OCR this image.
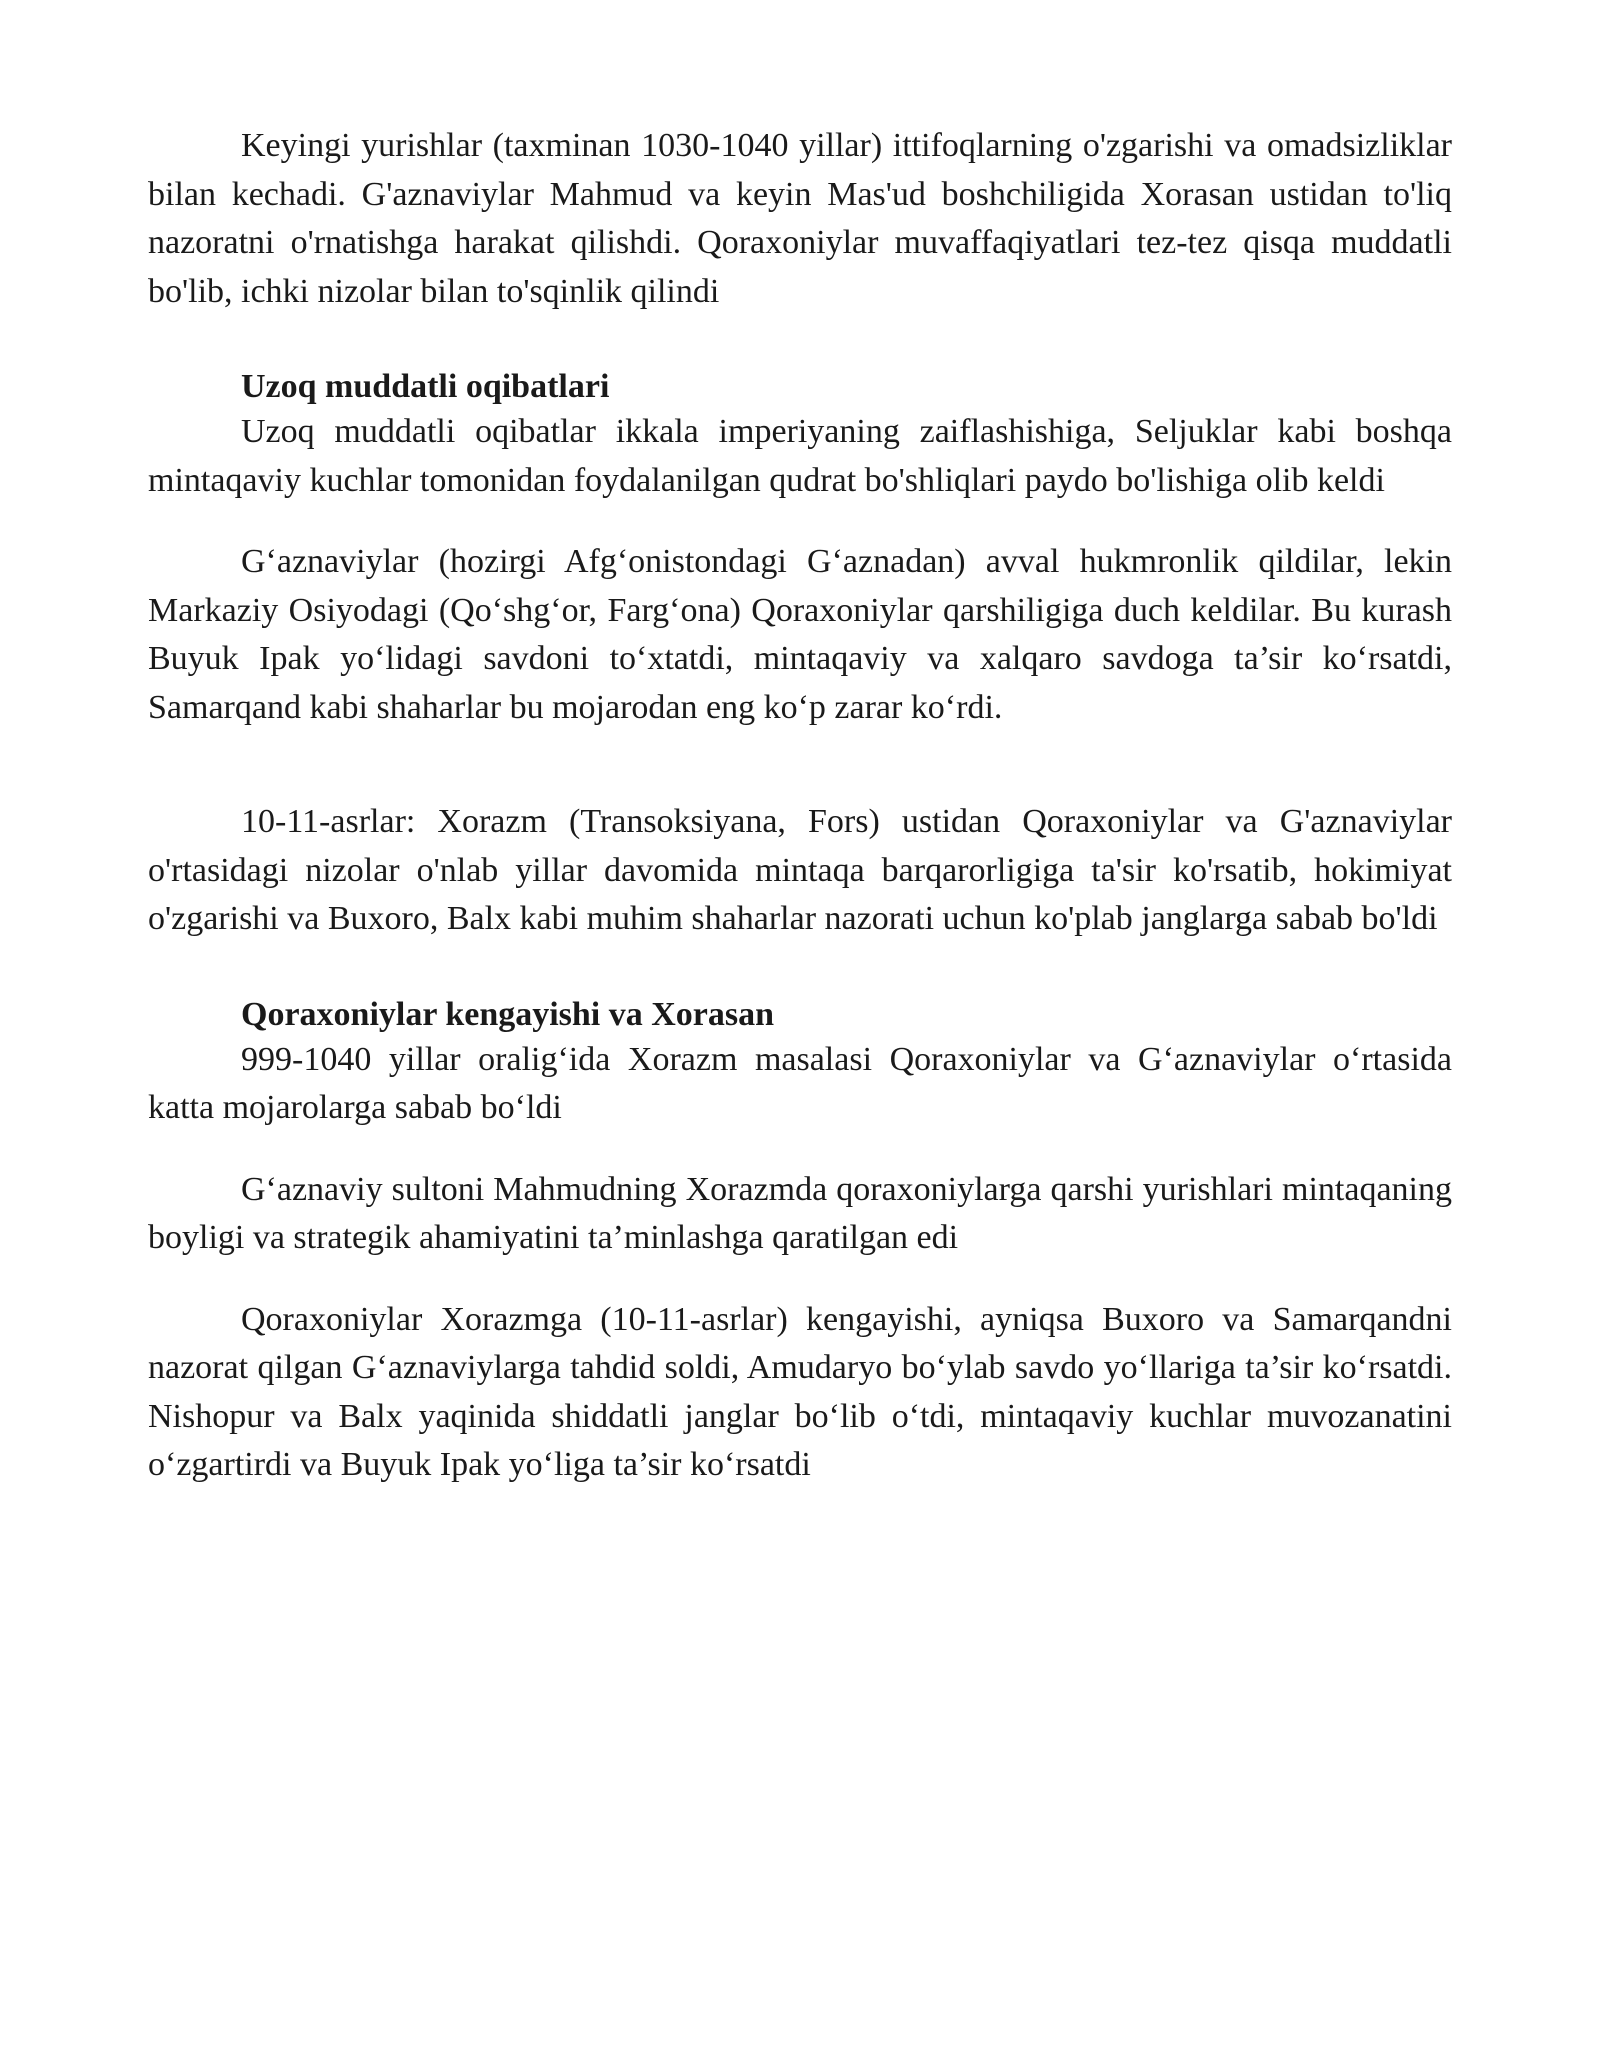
Keyingi yurishlar (taxminan 1030-1040 yillar) ittifoqlarning o'zgarishi va omadsizliklar bilan kechadi. G'aznaviylar Mahmud va keyin Mas'ud boshchiligida Xorasan ustidan to'liq nazoratni o'rnatishga harakat qilishdi. Qoraxoniylar muvaffaqiyatlari tez-tez qisqa muddatli bo'lib, ichki nizolar bilan to'sqinlik qilindi

Uzoq muddatli oqibatlari

Uzoq muddatli oqibatlar ikkala imperiyaning zaiflashishiga, Seljuklar kabi boshqa mintaqaviy kuchlar tomonidan foydalanilgan qudrat bo'shliqlari paydo bo'lishiga olib keldi

G‘aznaviylar (hozirgi Afg‘onistondagi G‘aznadan) avval hukmronlik qildilar, lekin Markaziy Osiyodagi (Qo‘shg‘or, Farg‘ona) Qoraxoniylar qarshiligiga duch keldilar. Bu kurash Buyuk Ipak yo‘lidagi savdoni to‘xtatdi, mintaqaviy va xalqaro savdoga ta’sir ko‘rsatdi, Samarqand kabi shaharlar bu mojarodan eng ko‘p zarar ko‘rdi.

10-11-asrlar: Xorazm (Transoksiyana, Fors) ustidan Qoraxoniylar va G'aznaviylar o'rtasidagi nizolar o'nlab yillar davomida mintaqa barqarorligiga ta'sir ko'rsatib, hokimiyat o'zgarishi va Buxoro, Balx kabi muhim shaharlar nazorati uchun ko'plab janglarga sabab bo'ldi

Qoraxoniylar kengayishi va Xorasan

999-1040 yillar oralig‘ida Xorazm masalasi Qoraxoniylar va G‘aznaviylar o‘rtasida katta mojarolarga sabab bo‘ldi

G‘aznaviy sultoni Mahmudning Xorazmda qoraxoniylarga qarshi yurishlari mintaqaning boyligi va strategik ahamiyatini ta’minlashga qaratilgan edi

Qoraxoniylar Xorazmga (10-11-asrlar) kengayishi, ayniqsa Buxoro va Samarqandni nazorat qilgan G‘aznaviylarga tahdid soldi, Amudaryo bo‘ylab savdo yo‘llariga ta’sir ko‘rsatdi. Nishopur va Balx yaqinida shiddatli janglar bo‘lib o‘tdi, mintaqaviy kuchlar muvozanatini o‘zgartirdi va Buyuk Ipak yo‘liga ta’sir ko‘rsatdi
